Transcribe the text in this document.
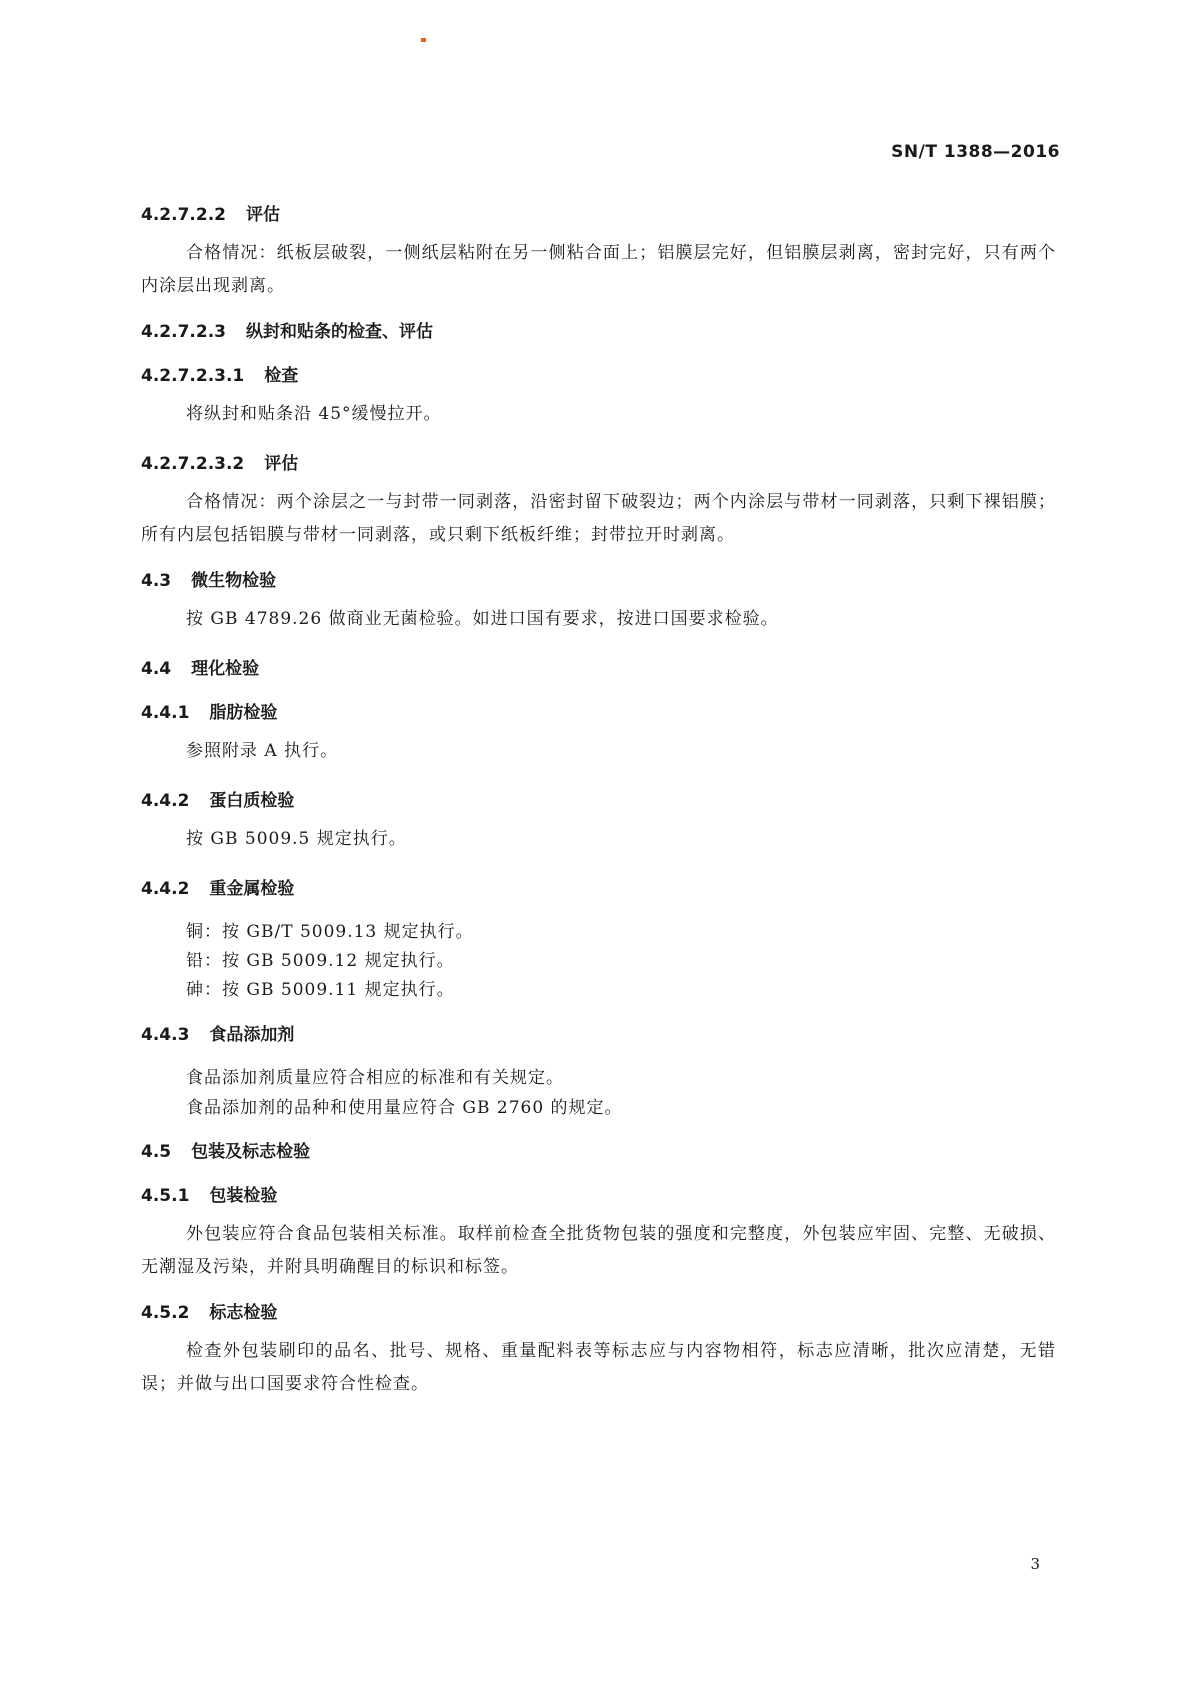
SN/T 1388—2016
4.2.7.2.2 评估
合格情况：纸板层破裂，一侧纸层粘附在另一侧粘合面上；铝膜层完好，但铝膜层剥离，密封完好，只有两个内涂层出现剥离。
4.2.7.2.3 纵封和贴条的检查、评估
4.2.7.2.3.1 检查
将纵封和贴条沿 45°缓慢拉开。
4.2.7.2.3.2 评估
合格情况：两个涂层之一与封带一同剥落，沿密封留下破裂边；两个内涂层与带材一同剥落，只剩下裸铝膜；所有内层包括铝膜与带材一同剥落，或只剩下纸板纤维；封带拉开时剥离。
4.3 微生物检验
按 GB 4789.26 做商业无菌检验。如进口国有要求，按进口国要求检验。
4.4 理化检验
4.4.1 脂肪检验
参照附录 A 执行。
4.4.2 蛋白质检验
按 GB 5009.5 规定执行。
4.4.2 重金属检验
铜：按 GB/T 5009.13 规定执行。
铅：按 GB 5009.12 规定执行。
砷：按 GB 5009.11 规定执行。
4.4.3 食品添加剂
食品添加剂质量应符合相应的标准和有关规定。
食品添加剂的品种和使用量应符合 GB 2760 的规定。
4.5 包装及标志检验
4.5.1 包装检验
外包装应符合食品包装相关标准。取样前检查全批货物包装的强度和完整度，外包装应牢固、完整、无破损、无潮湿及污染，并附具明确醒目的标识和标签。
4.5.2 标志检验
检查外包装刷印的品名、批号、规格、重量配料表等标志应与内容物相符，标志应清晰，批次应清楚，无错误；并做与出口国要求符合性检查。
3
